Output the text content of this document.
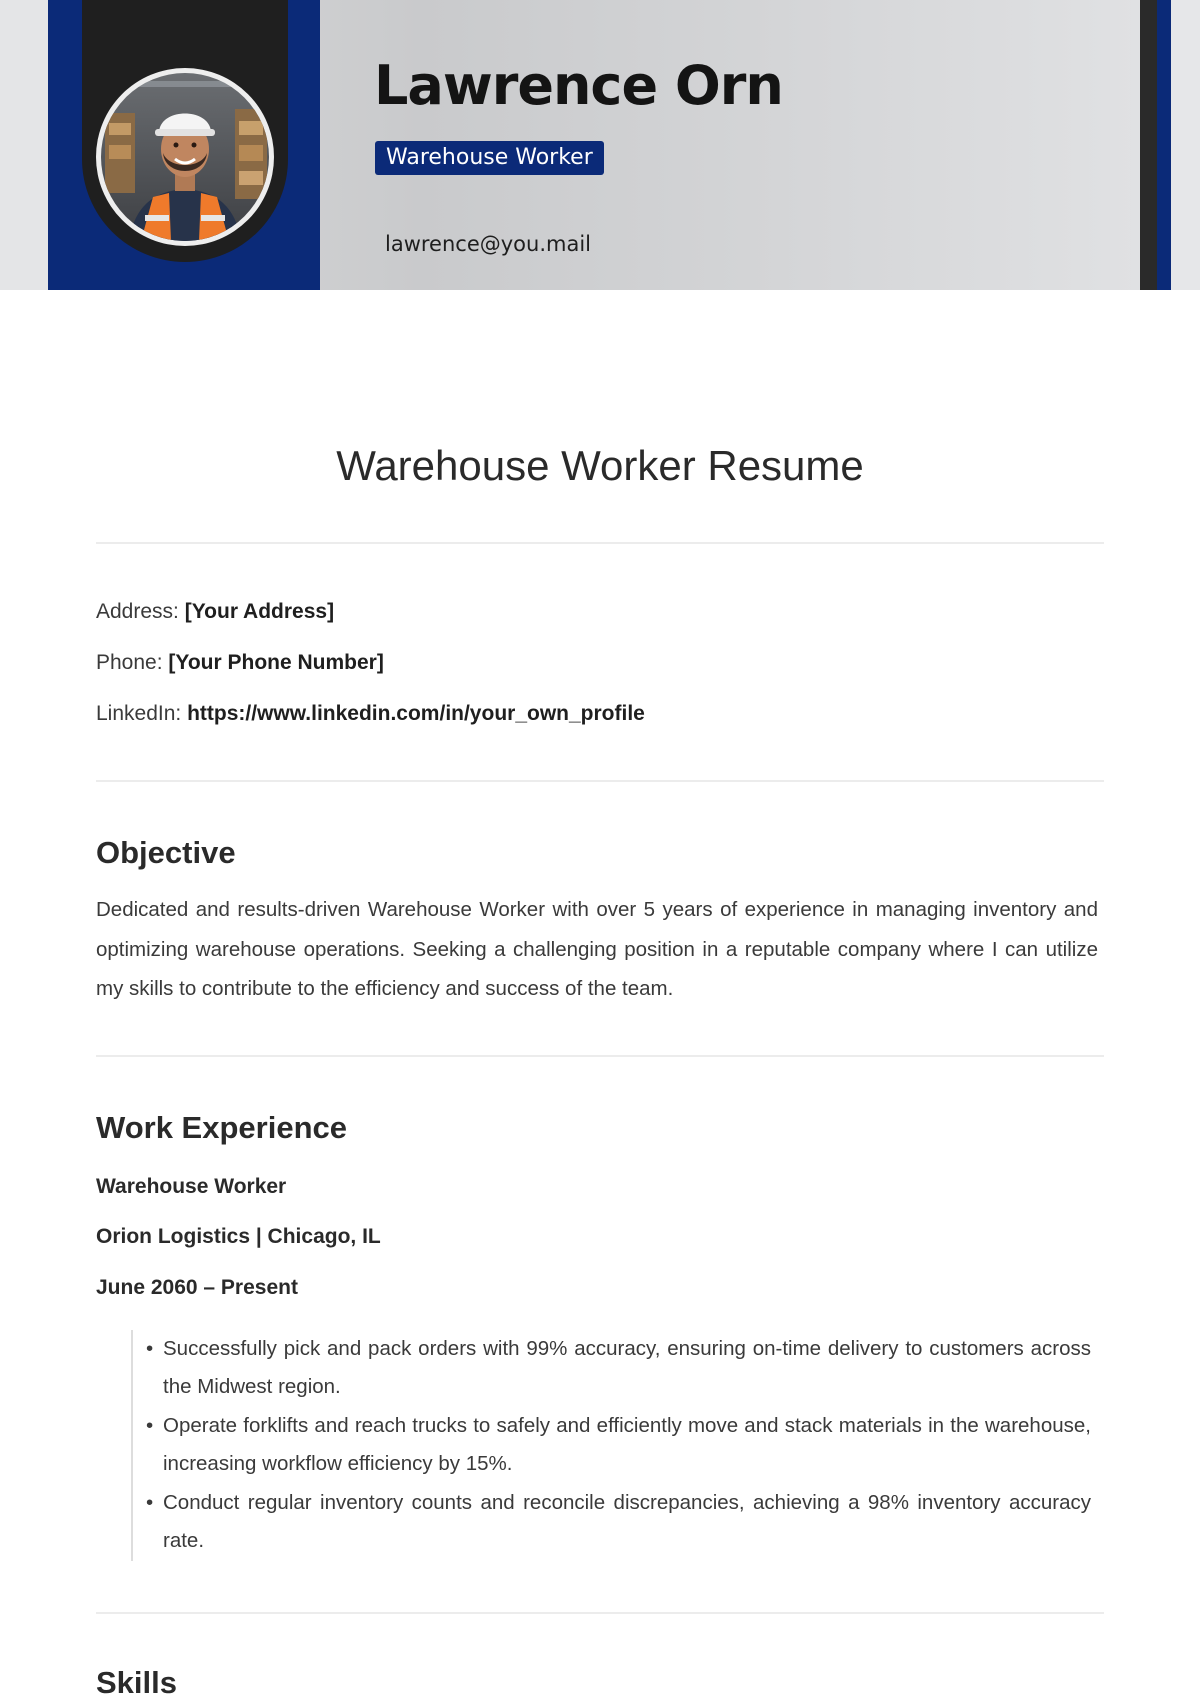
Lawrence Orn
Warehouse Worker
lawrence@you.mail
Warehouse Worker Resume
Address: [Your Address]
Phone: [Your Phone Number]
LinkedIn: https://www.linkedin.com/in/your_own_profile
Objective
Dedicated and results-driven Warehouse Worker with over 5 years of experience in managing inventory and optimizing warehouse operations. Seeking a challenging position in a reputable company where I can utilize my skills to contribute to the efficiency and success of the team.
Work Experience
Warehouse Worker
Orion Logistics | Chicago, IL
June 2060 – Present
Skills
• Successfully pick and pack orders with 99% accuracy, ensuring on-time delivery to customers across the Midwest region.
• Operate forklifts and reach trucks to safely and efficiently move and stack materials in the warehouse, increasing workflow efficiency by 15%.
• Conduct regular inventory counts and reconcile discrepancies, achieving a 98% inventory accuracy rate.
